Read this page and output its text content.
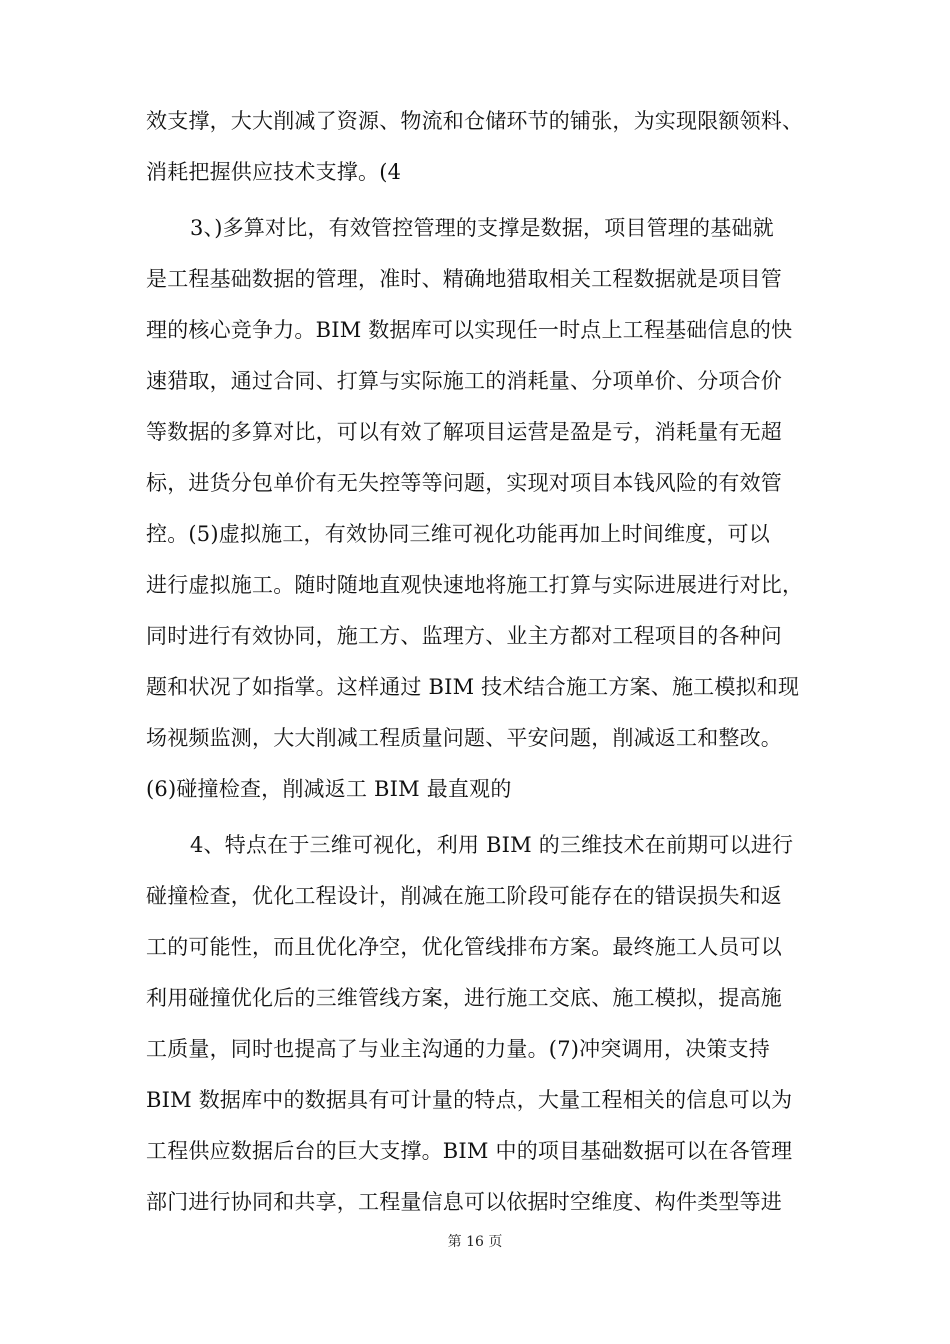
效支撑，大大削减了资源、物流和仓储环节的铺张，为实现限额领料、
消耗把握供应技术支撑。(4
3、)多算对比，有效管控管理的支撑是数据，项目管理的基础就
是工程基础数据的管理，准时、精确地猎取相关工程数据就是项目管
理的核心竞争力。BIM 数据库可以实现任一时点上工程基础信息的快
速猎取，通过合同、打算与实际施工的消耗量、分项单价、分项合价
等数据的多算对比，可以有效了解项目运营是盈是亏，消耗量有无超
标，进货分包单价有无失控等等问题，实现对项目本钱风险的有效管
控。(5)虚拟施工，有效协同三维可视化功能再加上时间维度，可以
进行虚拟施工。随时随地直观快速地将施工打算与实际进展进行对比，
同时进行有效协同，施工方、监理方、业主方都对工程项目的各种问
题和状况了如指掌。这样通过 BIM 技术结合施工方案、施工模拟和现
场视频监测，大大削减工程质量问题、平安问题，削减返工和整改。
(6)碰撞检查，削减返工 BIM 最直观的
4、特点在于三维可视化，利用 BIM 的三维技术在前期可以进行
碰撞检查，优化工程设计，削减在施工阶段可能存在的错误损失和返
工的可能性，而且优化净空，优化管线排布方案。最终施工人员可以
利用碰撞优化后的三维管线方案，进行施工交底、施工模拟，提高施
工质量，同时也提高了与业主沟通的力量。(7)冲突调用，决策支持
BIM 数据库中的数据具有可计量的特点，大量工程相关的信息可以为
工程供应数据后台的巨大支撑。BIM 中的项目基础数据可以在各管理
部门进行协同和共享，工程量信息可以依据时空维度、构件类型等进
第 16 页
